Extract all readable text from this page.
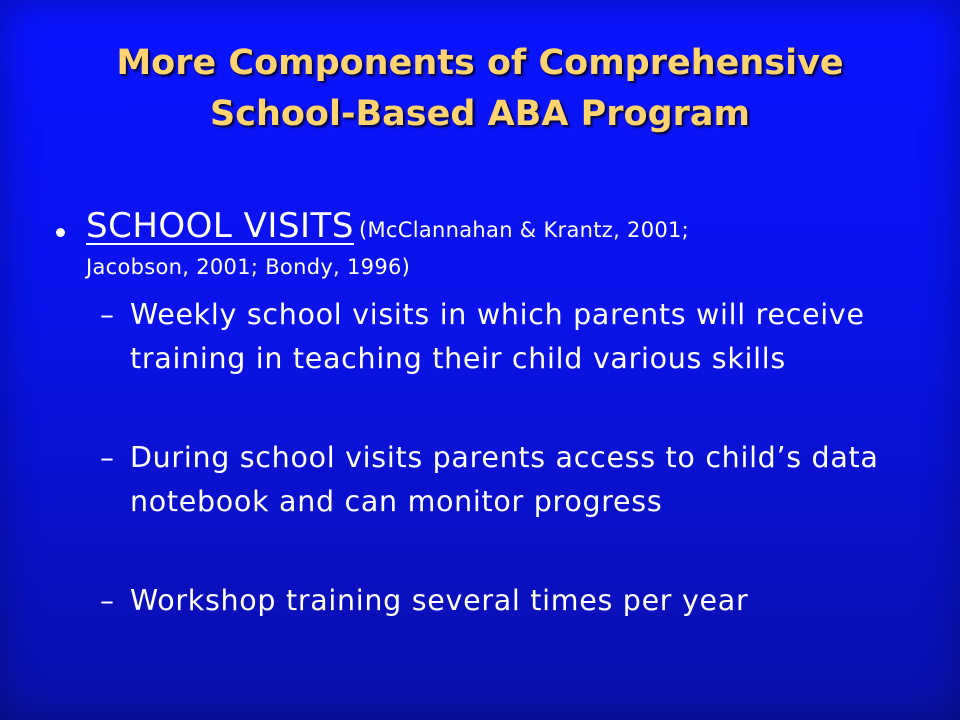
More Components of Comprehensive
School-Based ABA Program
SCHOOL VISITS (McClannahan & Krantz, 2001;
Jacobson, 2001; Bondy, 1996)
– Weekly school visits in which parents will receive training in teaching their child various skills
– During school visits parents access to child’s data notebook and can monitor progress
– Workshop training several times per year
